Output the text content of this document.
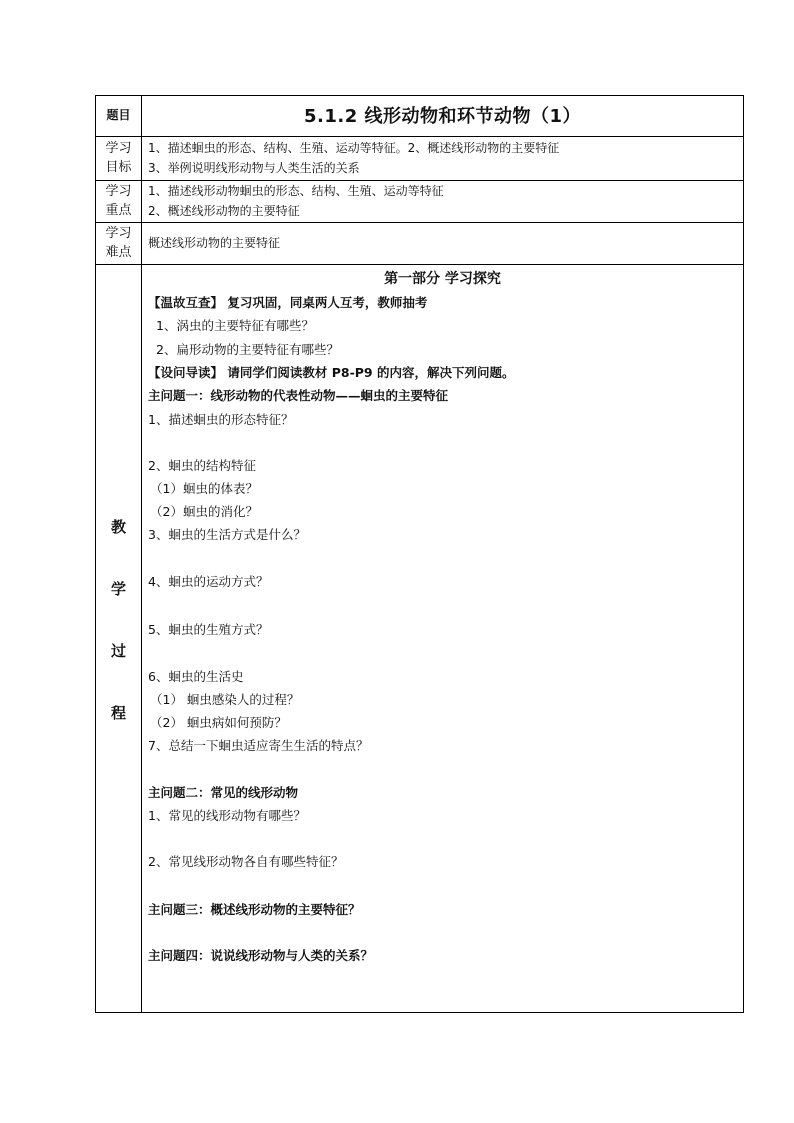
题目	5.1.2 线形动物和环节动物（1）
学习
目标
1、描述蛔虫的形态、结构、生殖、运动等特征。2、概述线形动物的主要特征
3、举例说明线形动物与人类生活的关系
学习
重点
1、描述线形动物蛔虫的形态、结构、生殖、运动等特征
2、概述线形动物的主要特征
学习
难点
概述线形动物的主要特征
教
学
过
程
第一部分 学习探究
【温故互查】 复习巩固，同桌两人互考，教师抽考
1、涡虫的主要特征有哪些？
2、扁形动物的主要特征有哪些？
【设问导读】 请同学们阅读教材 P8-P9 的内容，解决下列问题。
主问题一：线形动物的代表性动物——蛔虫的主要特征
1、描述蛔虫的形态特征？
2、蛔虫的结构特征
（1）蛔虫的体表？
（2）蛔虫的消化？
3、蛔虫的生活方式是什么？
4、蛔虫的运动方式？
5、蛔虫的生殖方式？
6、蛔虫的生活史
（1） 蛔虫感染人的过程？
（2） 蛔虫病如何预防？
7、总结一下蛔虫适应寄生生活的特点？
主问题二：常见的线形动物
1、常见的线形动物有哪些？
2、常见线形动物各自有哪些特征？
主问题三：概述线形动物的主要特征？
主问题四：说说线形动物与人类的关系？
